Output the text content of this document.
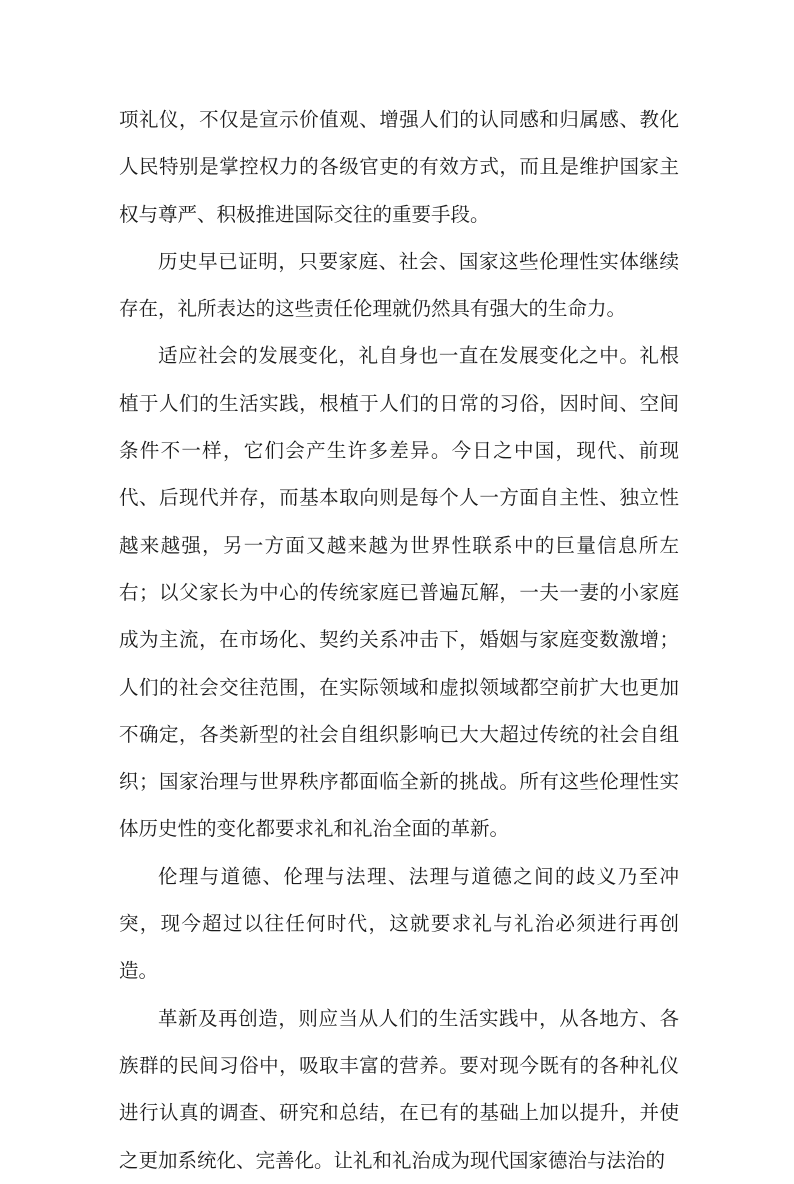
项礼仪，不仅是宣示价值观、增强人们的认同感和归属感、教化人民特别是掌控权力的各级官吏的有效方式，而且是维护国家主权与尊严、积极推进国际交往的重要手段。

历史早已证明，只要家庭、社会、国家这些伦理性实体继续存在，礼所表达的这些责任伦理就仍然具有强大的生命力。

适应社会的发展变化，礼自身也一直在发展变化之中。礼根植于人们的生活实践，根植于人们的日常的习俗，因时间、空间条件不一样，它们会产生许多差异。今日之中国，现代、前现代、后现代并存，而基本取向则是每个人一方面自主性、独立性越来越强，另一方面又越来越为世界性联系中的巨量信息所左右；以父家长为中心的传统家庭已普遍瓦解，一夫一妻的小家庭成为主流，在市场化、契约关系冲击下，婚姻与家庭变数激增；人们的社会交往范围，在实际领域和虚拟领域都空前扩大也更加不确定，各类新型的社会自组织影响已大大超过传统的社会自组织；国家治理与世界秩序都面临全新的挑战。所有这些伦理性实体历史性的变化都要求礼和礼治全面的革新。

伦理与道德、伦理与法理、法理与道德之间的歧义乃至冲突，现今超过以往任何时代，这就要求礼与礼治必须进行再创造。

革新及再创造，则应当从人们的生活实践中，从各地方、各族群的民间习俗中，吸取丰富的营养。要对现今既有的各种礼仪进行认真的调查、研究和总结，在已有的基础上加以提升，并使之更加系统化、完善化。让礼和礼治成为现代国家德治与法治的
